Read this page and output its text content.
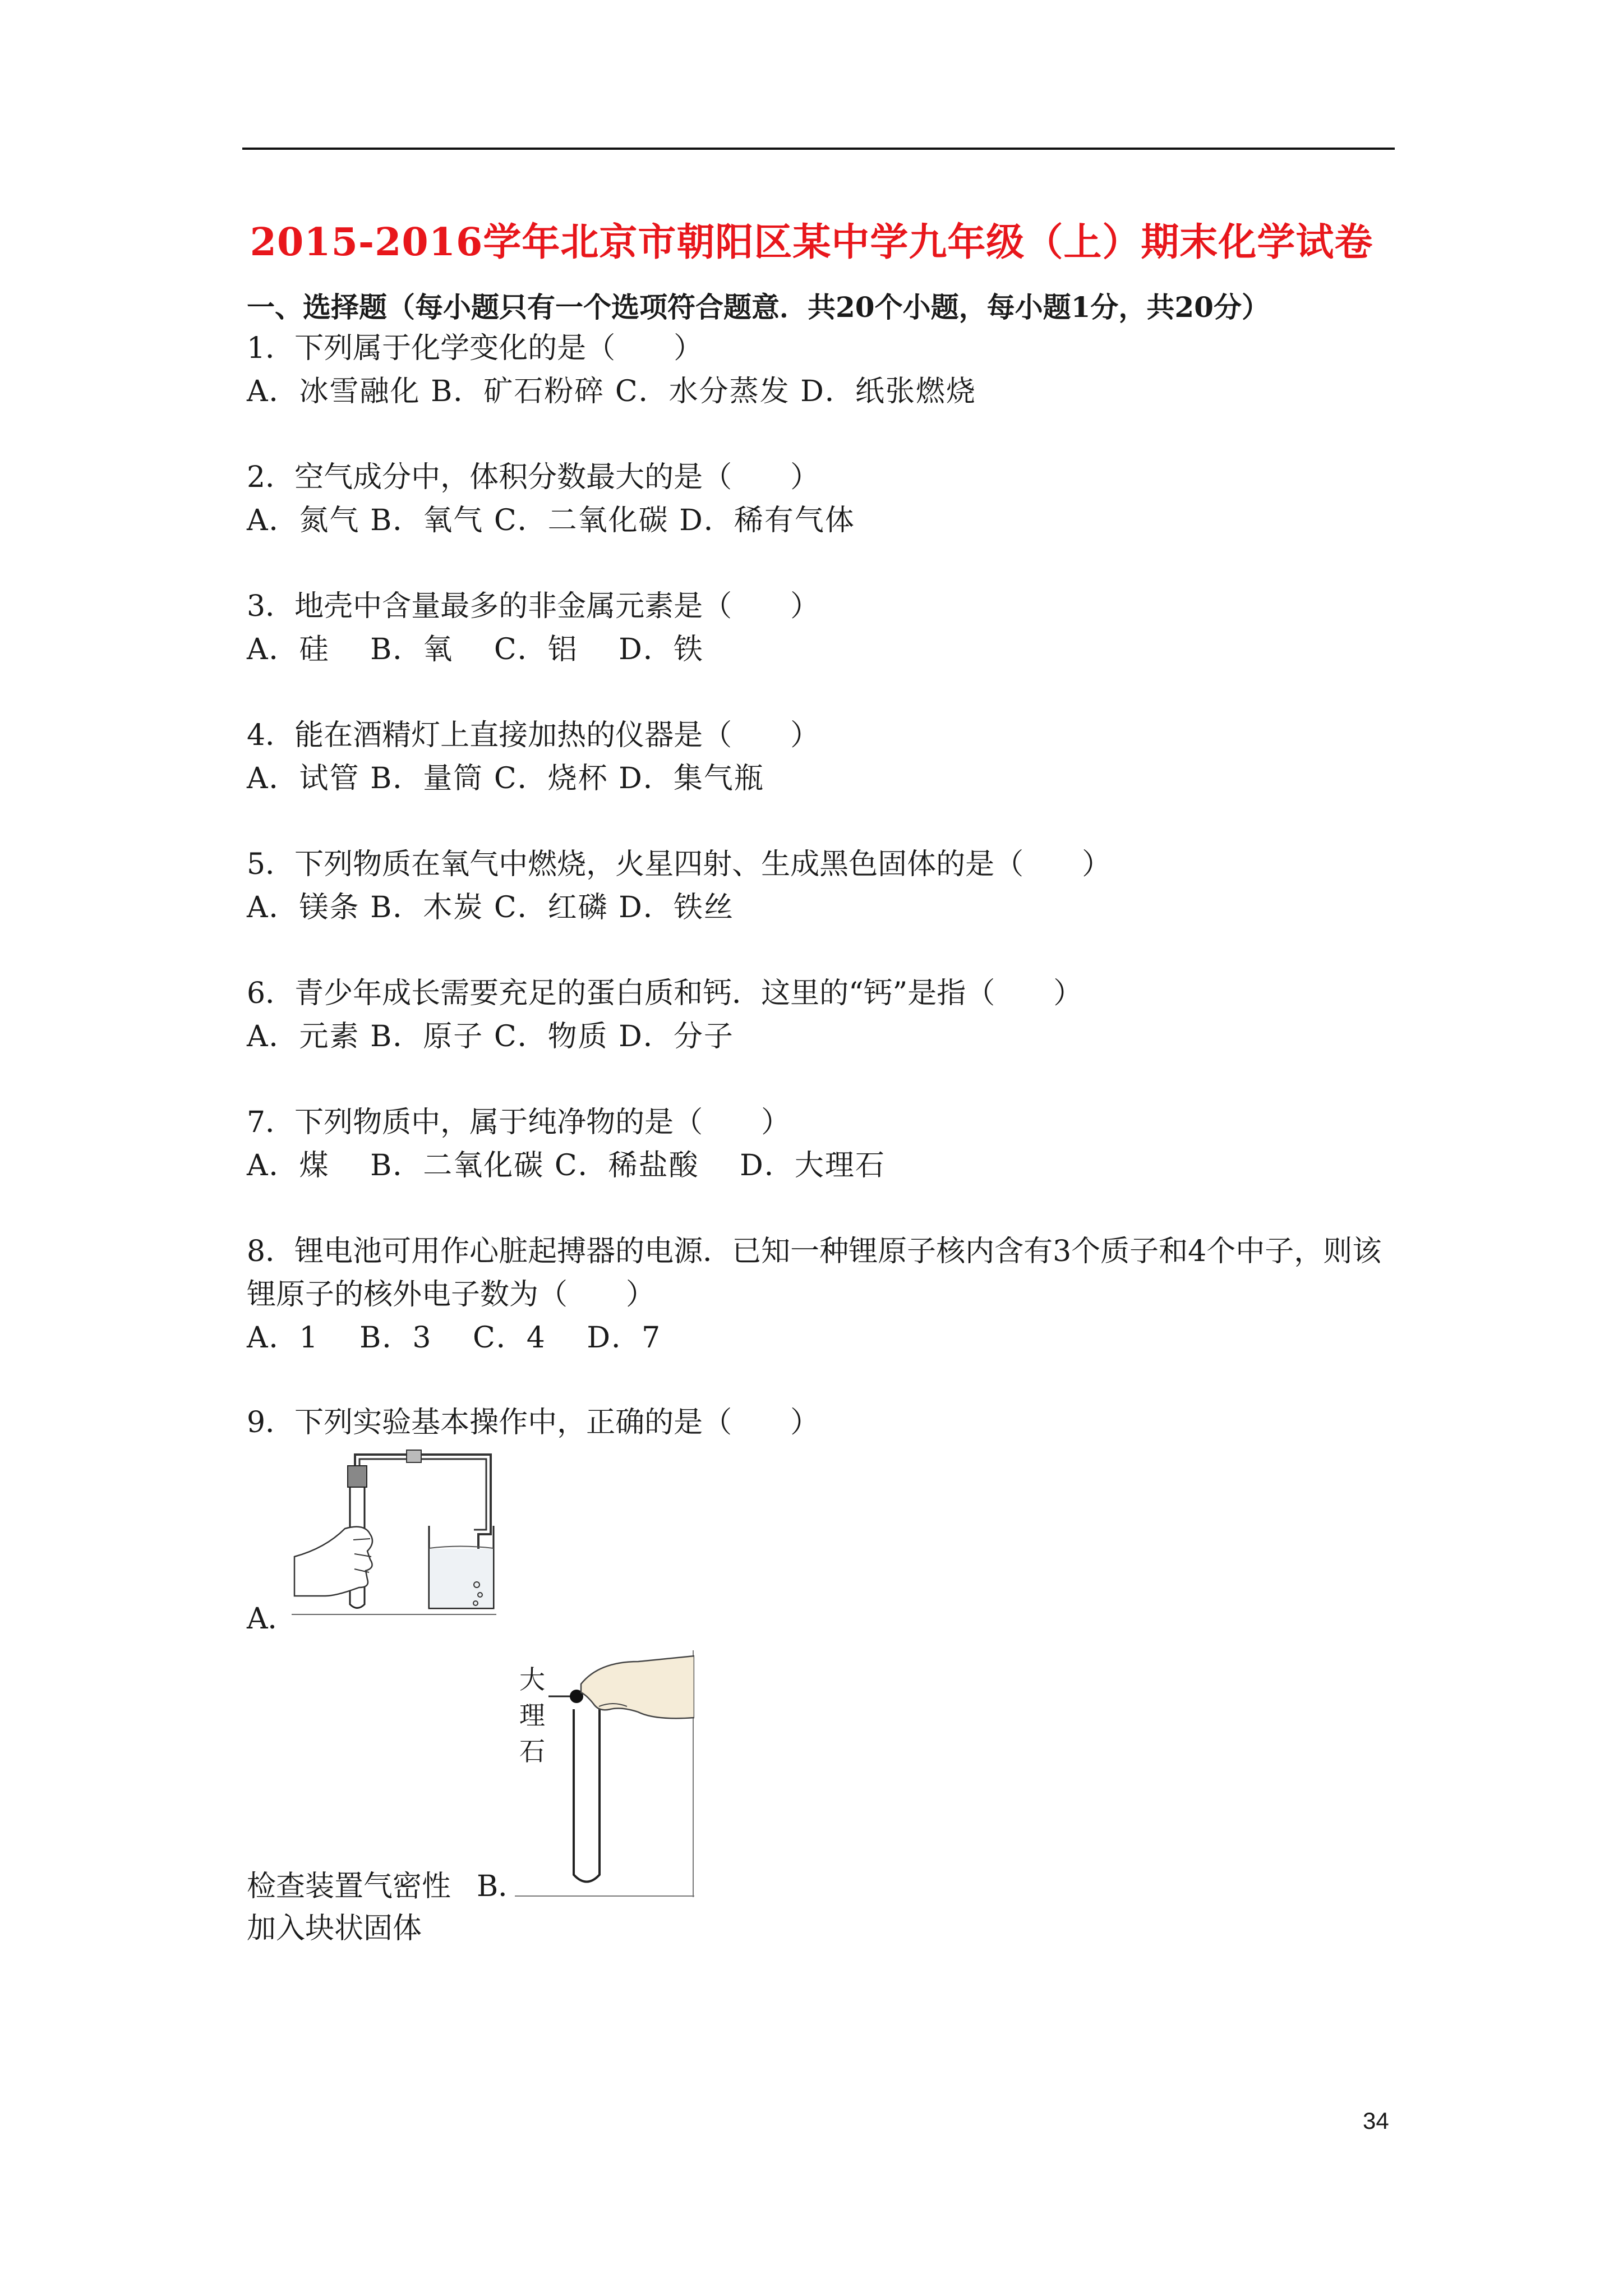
2015-2016学年北京市朝阳区某中学九年级（上）期末化学试卷
一、选择题（每小题只有一个选项符合题意．共20个小题，每小题1分，共20分）
1．下列属于化学变化的是（　　）
A．冰雪融化 B．矿石粉碎 C．水分蒸发 D．纸张燃烧
2．空气成分中，体积分数最大的是（　　）
A．氮气 B．氧气 C．二氧化碳 D．稀有气体
3．地壳中含量最多的非金属元素是（　　）
A．硅　 B．氧　 C．铝　 D．铁
4．能在酒精灯上直接加热的仪器是（　　）
A．试管 B．量筒 C．烧杯 D．集气瓶
5．下列物质在氧气中燃烧，火星四射、生成黑色固体的是（　　）
A．镁条 B．木炭 C．红磷 D．铁丝
6．青少年成长需要充足的蛋白质和钙．这里的“钙”是指（　　）
A．元素 B．原子 C．物质 D．分子
7．下列物质中，属于纯净物的是（　　）
A．煤　 B．二氧化碳 C．稀盐酸　 D．大理石
8．锂电池可用作心脏起搏器的电源．已知一种锂原子核内含有3个质子和4个中子，则该
锂原子的核外电子数为（　　）
A．1　 B．3　 C．4　 D．7
9．下列实验基本操作中，正确的是（　　）
A．
大
理
石
检查装置气密性 B．
加入块状固体
34
